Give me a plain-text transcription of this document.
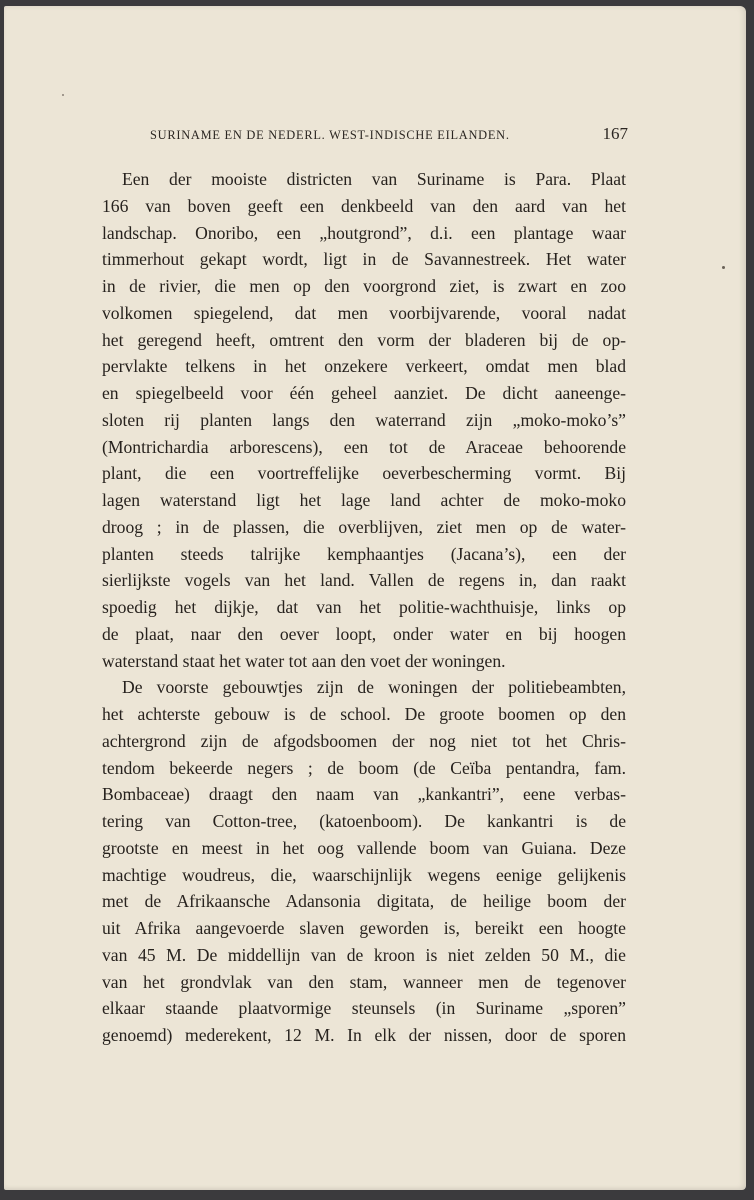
SURINAME EN DE NEDERL. WEST-INDISCHE EILANDEN.	167
Een der mooiste districten van Suriname is Para. Plaat
166 van boven geeft een denkbeeld van den aard van het
landschap. Onoribo, een „houtgrond”, d.i. een plantage waar
timmerhout gekapt wordt, ligt in de Savannestreek. Het water
in de rivier, die men op den voorgrond ziet, is zwart en zoo
volkomen spiegelend, dat men voorbijvarende, vooral nadat
het geregend heeft, omtrent den vorm der bladeren bij de op-
pervlakte telkens in het onzekere verkeert, omdat men blad
en spiegelbeeld voor één geheel aanziet. De dicht aaneenge-
sloten rij planten langs den waterrand zijn „moko-moko’s”
(Montrichardia arborescens), een tot de Araceae behoorende
plant, die een voortreffelijke oeverbescherming vormt. Bij
lagen waterstand ligt het lage land achter de moko-moko
droog ; in de plassen, die overblijven, ziet men op de water-
planten steeds talrijke kemphaantjes (Jacana’s), een der
sierlijkste vogels van het land. Vallen de regens in, dan raakt
spoedig het dijkje, dat van het politie-wachthuisje, links op
de plaat, naar den oever loopt, onder water en bij hoogen
waterstand staat het water tot aan den voet der woningen.
De voorste gebouwtjes zijn de woningen der politiebeambten,
het achterste gebouw is de school. De groote boomen op den
achtergrond zijn de afgodsboomen der nog niet tot het Chris-
tendom bekeerde negers ; de boom (de Ceïba pentandra, fam.
Bombaceae) draagt den naam van „kankantri”, eene verbas-
tering van Cotton-tree, (katoenboom). De kankantri is de
grootste en meest in het oog vallende boom van Guiana. Deze
machtige woudreus, die, waarschijnlijk wegens eenige gelijkenis
met de Afrikaansche Adansonia digitata, de heilige boom der
uit Afrika aangevoerde slaven geworden is, bereikt een hoogte
van 45 M. De middellijn van de kroon is niet zelden 50 M., die
van het grondvlak van den stam, wanneer men de tegenover
elkaar staande plaatvormige steunsels (in Suriname „sporen”
genoemd) mederekent, 12 M. In elk der nissen, door de sporen
